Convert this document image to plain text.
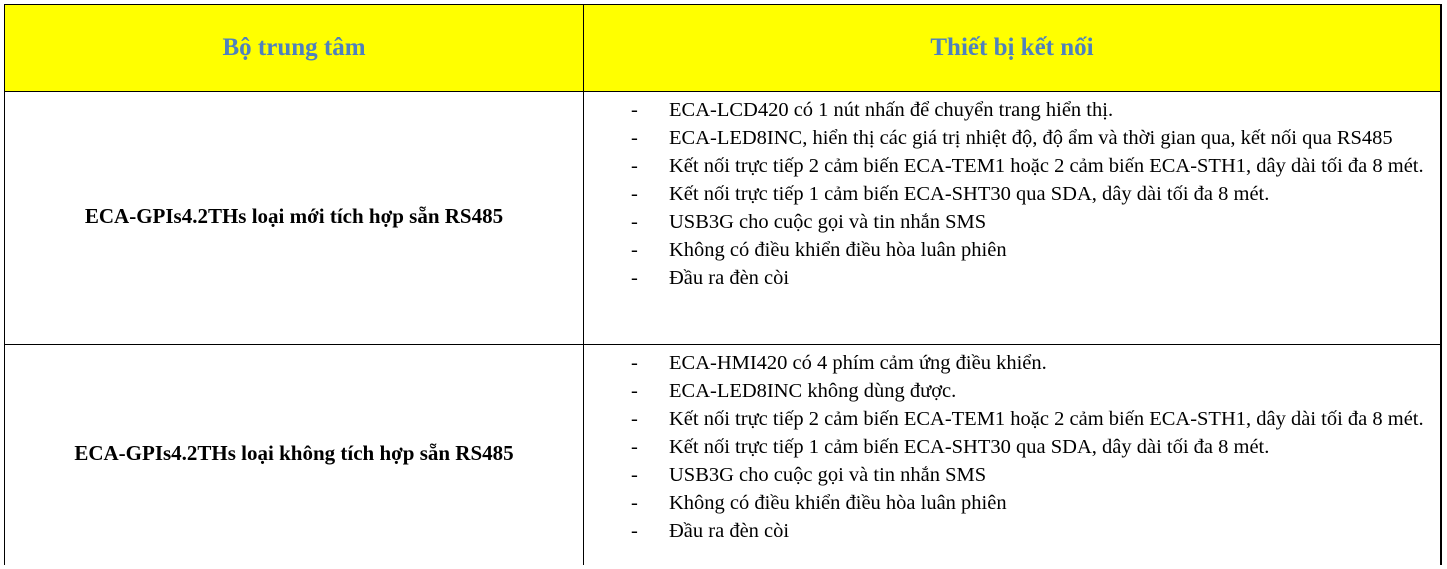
Bộ trung tâm	Thiết bị kết nối
ECA-GPIs4.2THs loại mới tích hợp sẵn RS485
- ECA-LCD420 có 1 nút nhấn để chuyển trang hiển thị.
- ECA-LED8INC, hiển thị các giá trị nhiệt độ, độ ẩm và thời gian qua, kết nối qua RS485
- Kết nối trực tiếp 2 cảm biến ECA-TEM1 hoặc 2 cảm biến ECA-STH1, dây dài tối đa 8 mét.
- Kết nối trực tiếp 1 cảm biến ECA-SHT30 qua SDA, dây dài tối đa 8 mét.
- USB3G cho cuộc gọi và tin nhắn SMS
- Không có điều khiển điều hòa luân phiên
- Đầu ra đèn còi
ECA-GPIs4.2THs loại không tích hợp sẵn RS485
- ECA-HMI420 có 4 phím cảm ứng điều khiển.
- ECA-LED8INC không dùng được.
- Kết nối trực tiếp 2 cảm biến ECA-TEM1 hoặc 2 cảm biến ECA-STH1, dây dài tối đa 8 mét.
- Kết nối trực tiếp 1 cảm biến ECA-SHT30 qua SDA, dây dài tối đa 8 mét.
- USB3G cho cuộc gọi và tin nhắn SMS
- Không có điều khiển điều hòa luân phiên
- Đầu ra đèn còi
